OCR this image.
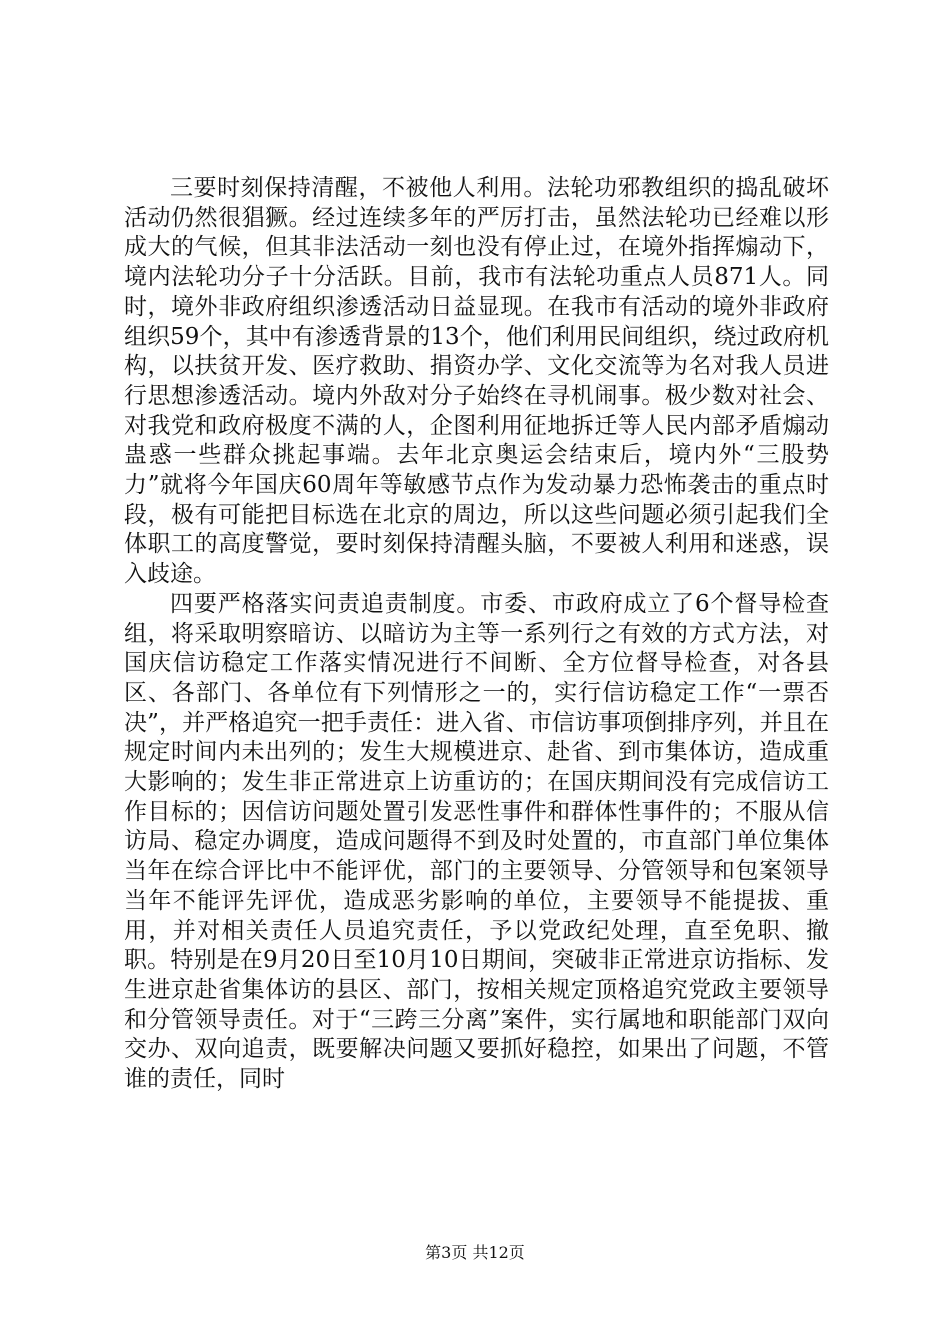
三要时刻保持清醒，不被他人利用。法轮功邪教组织的捣乱破坏活动仍然很猖獗。经过连续多年的严厉打击，虽然法轮功已经难以形成大的气候，但其非法活动一刻也没有停止过，在境外指挥煽动下，境内法轮功分子十分活跃。目前，我市有法轮功重点人员871人。同时，境外非政府组织渗透活动日益显现。在我市有活动的境外非政府组织59个，其中有渗透背景的13个，他们利用民间组织，绕过政府机构，以扶贫开发、医疗救助、捐资办学、文化交流等为名对我人员进行思想渗透活动。境内外敌对分子始终在寻机闹事。极少数对社会、对我党和政府极度不满的人，企图利用征地拆迁等人民内部矛盾煽动蛊惑一些群众挑起事端。去年北京奥运会结束后，境内外“三股势力”就将今年国庆60周年等敏感节点作为发动暴力恐怖袭击的重点时段，极有可能把目标选在北京的周边，所以这些问题必须引起我们全体职工的高度警觉，要时刻保持清醒头脑，不要被人利用和迷惑，误入歧途。

四要严格落实问责追责制度。市委、市政府成立了6个督导检查组，将采取明察暗访、以暗访为主等一系列行之有效的方式方法，对国庆信访稳定工作落实情况进行不间断、全方位督导检查，对各县区、各部门、各单位有下列情形之一的，实行信访稳定工作“一票否决”，并严格追究一把手责任：进入省、市信访事项倒排序列，并且在规定时间内未出列的；发生大规模进京、赴省、到市集体访，造成重大影响的；发生非正常进京上访重访的；在国庆期间没有完成信访工作目标的；因信访问题处置引发恶性事件和群体性事件的；不服从信访局、稳定办调度，造成问题得不到及时处置的，市直部门单位集体当年在综合评比中不能评优，部门的主要领导、分管领导和包案领导当年不能评先评优，造成恶劣影响的单位，主要领导不能提拔、重用，并对相关责任人员追究责任，予以党政纪处理，直至免职、撤职。特别是在9月20日至10月10日期间，突破非正常进京访指标、发生进京赴省集体访的县区、部门，按相关规定顶格追究党政主要领导和分管领导责任。对于“三跨三分离”案件，实行属地和职能部门双向交办、双向追责，既要解决问题又要抓好稳控，如果出了问题，不管谁的责任，同时

第3页 共12页
